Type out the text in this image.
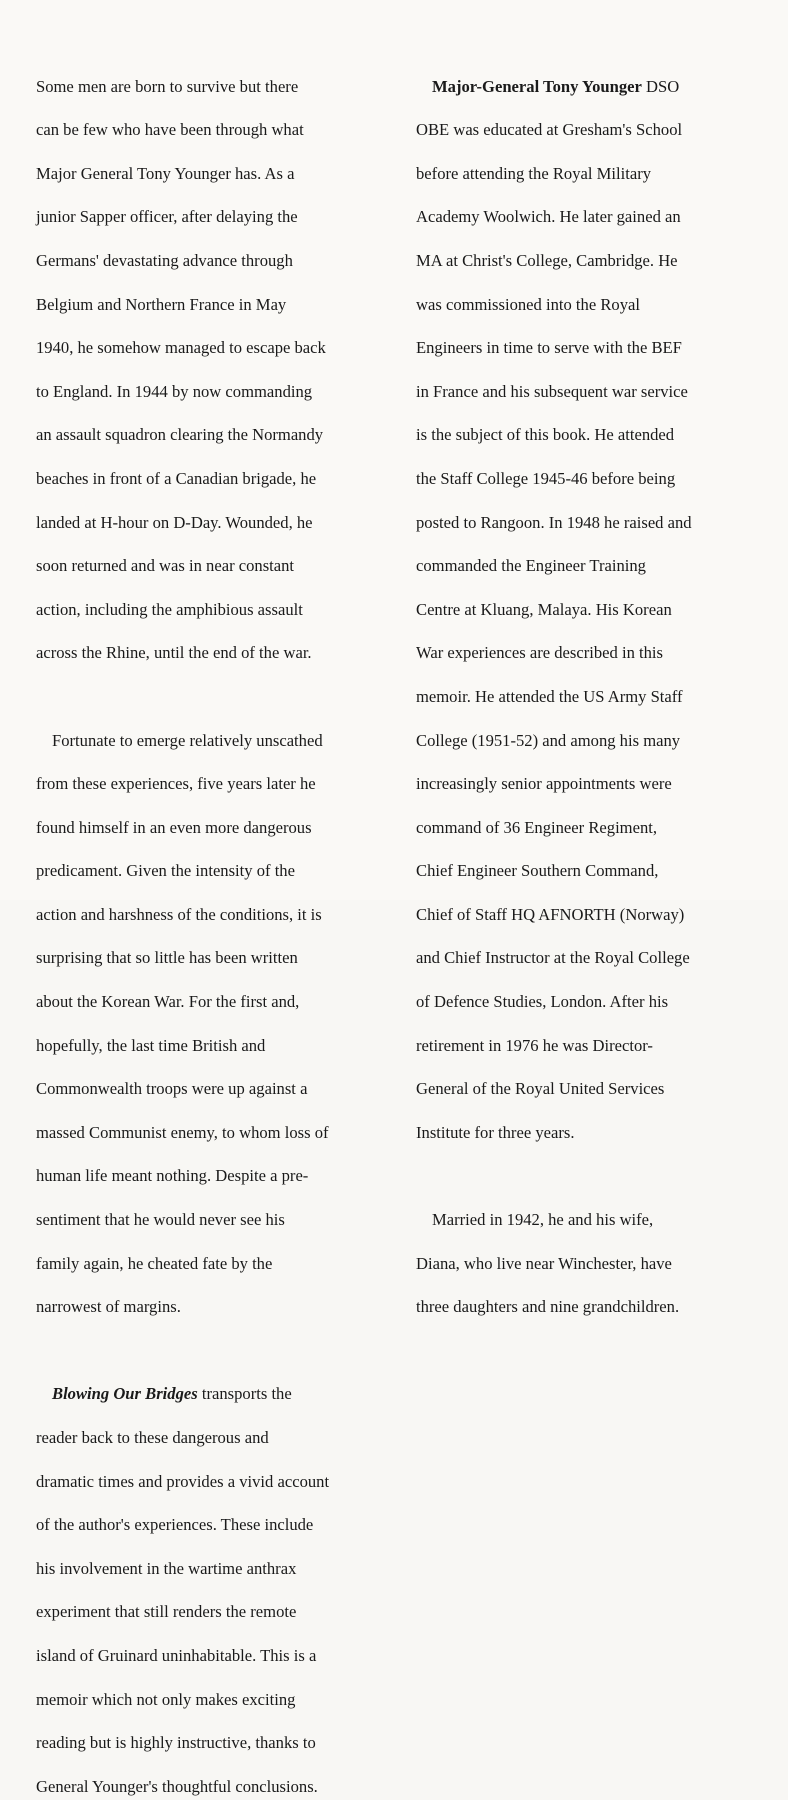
Some men are born to survive but there

can be few who have been through what

Major General Tony Younger has. As a

junior Sapper officer, after delaying the

Germans' devastating advance through

Belgium and Northern France in May

1940, he somehow managed to escape back

to England. In 1944 by now commanding

an assault squadron clearing the Normandy

beaches in front of a Canadian brigade, he

landed at H-hour on D-Day. Wounded, he

soon returned and was in near constant

action, including the amphibious assault

across the Rhine, until the end of the war.

Fortunate to emerge relatively unscathed

from these experiences, five years later he

found himself in an even more dangerous

predicament. Given the intensity of the

action and harshness of the conditions, it is

surprising that so little has been written

about the Korean War. For the first and,

hopefully, the last time British and

Commonwealth troops were up against a

massed Communist enemy, to whom loss of

human life meant nothing. Despite a pre-

sentiment that he would never see his

family again, he cheated fate by the

narrowest of margins.

Blowing Our Bridges transports the

reader back to these dangerous and

dramatic times and provides a vivid account

of the author's experiences. These include

his involvement in the wartime anthrax

experiment that still renders the remote

island of Gruinard uninhabitable. This is a

memoir which not only makes exciting

reading but is highly instructive, thanks to

General Younger's thoughtful conclusions.

Major-General Tony Younger DSO

OBE was educated at Gresham's School

before attending the Royal Military

Academy Woolwich. He later gained an

MA at Christ's College, Cambridge. He

was commissioned into the Royal

Engineers in time to serve with the BEF

in France and his subsequent war service

is the subject of this book. He attended

the Staff College 1945-46 before being

posted to Rangoon. In 1948 he raised and

commanded the Engineer Training

Centre at Kluang, Malaya. His Korean

War experiences are described in this

memoir. He attended the US Army Staff

College (1951-52) and among his many

increasingly senior appointments were

command of 36 Engineer Regiment,

Chief Engineer Southern Command,

Chief of Staff HQ AFNORTH (Norway)

and Chief Instructor at the Royal College

of Defence Studies, London. After his

retirement in 1976 he was Director-

General of the Royal United Services

Institute for three years.

Married in 1942, he and his wife,

Diana, who live near Winchester, have

three daughters and nine grandchildren.
